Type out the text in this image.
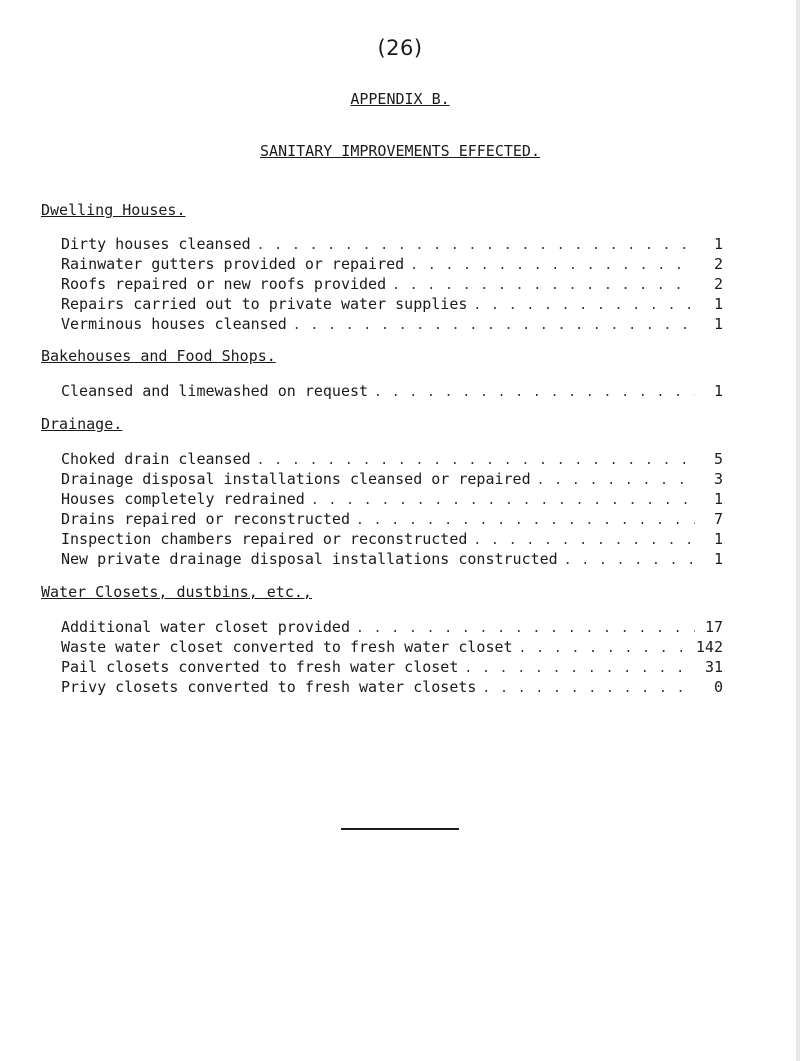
(26)
APPENDIX B.
SANITARY IMPROVEMENTS EFFECTED.
Dwelling Houses.
Dirty houses cleansed . . .	1
Rainwater gutters provided or repaired . . .	2
Roofs repaired or new roofs provided . . .	2
Repairs carried out to private water supplies . . .	1
Verminous houses cleansed . . .	1
Bakehouses and Food Shops.
Cleansed and limewashed on request . . .	1
Drainage.
Choked drain cleansed . . .	5
Drainage disposal installations cleansed or repaired . . .	3
Houses completely redrained . . .	1
Drains repaired or reconstructed . . .	7
Inspection chambers repaired or reconstructed . . .	1
New private drainage disposal installations constructed . . .	1
Water Closets, dustbins, etc.,
Additional water closet provided . . .	17
Waste water closet converted to fresh water closet . . .	142
Pail closets converted to fresh water closet . . .	31
Privy closets converted to fresh water closets . . .	0
